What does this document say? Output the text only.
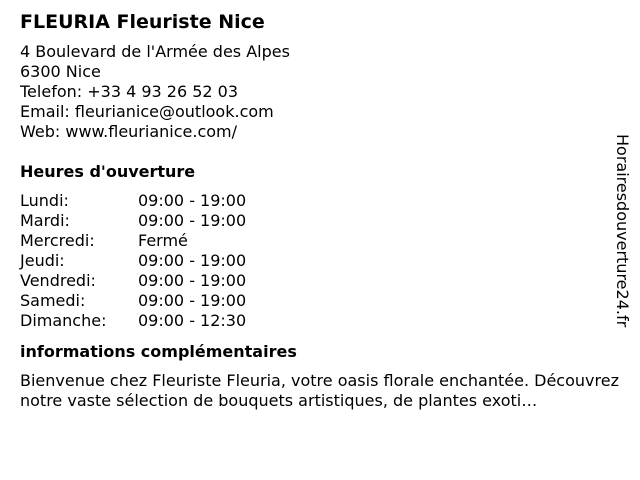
FLEURIA Fleuriste Nice
4 Boulevard de l'Armée des Alpes
6300 Nice
Telefon: +33 4 93 26 52 03
Email: fleurianice@outlook.com
Web: www.fleurianice.com/
Heures d'ouverture
Lundi:	09:00 - 19:00
Mardi:	09:00 - 19:00
Mercredi:	Fermé
Jeudi:	09:00 - 19:00
Vendredi:	09:00 - 19:00
Samedi:	09:00 - 19:00
Dimanche: 09:00 - 12:30
informations complémentaires
Bienvenue chez Fleuriste Fleuria, votre oasis florale enchantée. Découvrez notre vaste sélection de bouquets artistiques, de plantes exoti…
Horairesdouverture24.fr
